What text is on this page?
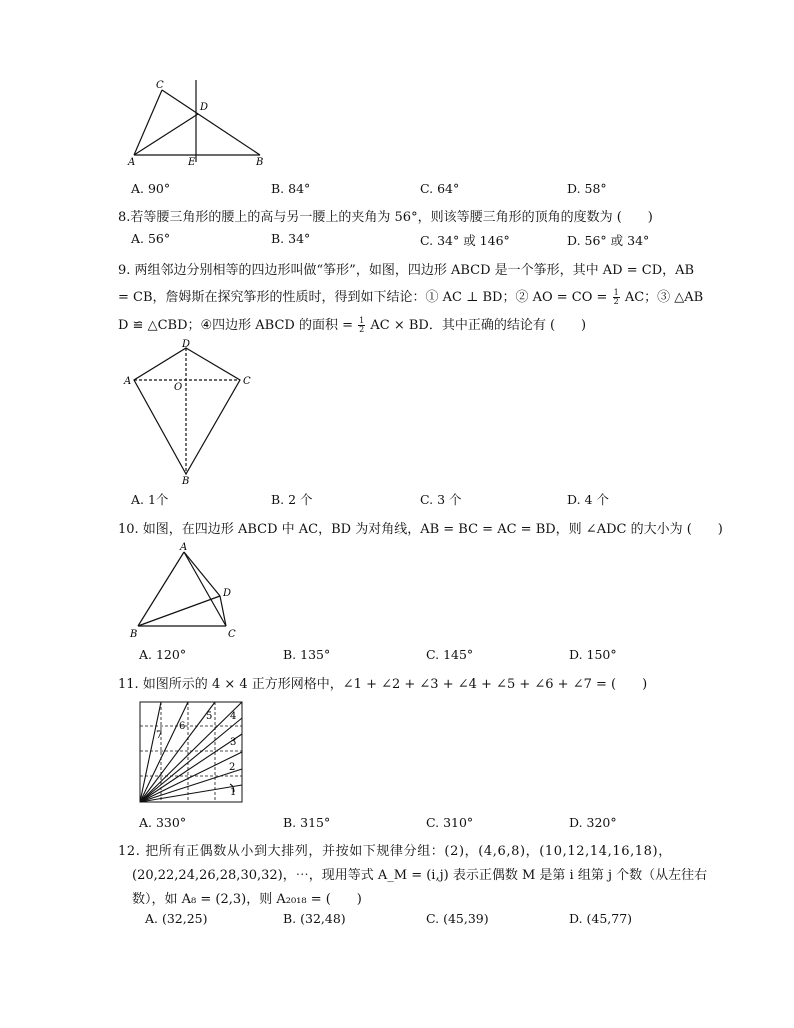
C
D
A	E	B
A. 90°	B. 84°	C. 64°	D. 58°
8.若等腰三角形的腰上的高与另一腰上的夹角为 56°，则该等腰三角形的顶角的度数为 (　　)
A. 56°	B. 34°	C. 34° 或 146°	D. 56° 或 34°
9. 两组邻边分别相等的四边形叫做“筝形”，如图，四边形 ABCD 是一个筝形，其中 AD = CD，AB
= CB，詹姆斯在探究筝形的性质时，得到如下结论：① AC ⊥ BD；② AO = CO = $\frac{1}{2}$ AC；③ △AB
D ≌ △CBD；④四边形 ABCD 的面积 = $\frac{1}{2}$ AC × BD．其中正确的结论有 (　　)
D
A
O
C
B
A. 1个	B. 2 个	C. 3 个	D. 4 个
10. 如图，在四边形 ABCD 中 AC，BD 为对角线，AB = BC = AC = BD，则 ∠ADC 的大小为 (　　)
A
D
B	C
A. 120°	B. 135°	C. 145°	D. 150°
11. 如图所示的 4 × 4 正方形网格中，∠1 + ∠2 + ∠3 + ∠4 + ∠5 + ∠6 + ∠7 = (　　)
1
2
3
4
5
6
7
A. 330°	B. 315°	C. 310°	D. 320°
12. 把所有正偶数从小到大排列，并按如下规律分组：(2)，(4,6,8)，(10,12,14,16,18)，
(20,22,24,26,28,30,32)，⋯，现用等式 A_M = (i,j) 表示正偶数 M 是第 i 组第 j 个数（从左往右
数），如 A₈ = (2,3)，则 A₂₀₁₈ = (　　)
A. (32,25)	B. (32,48)	C. (45,39)	D. (45,77)
